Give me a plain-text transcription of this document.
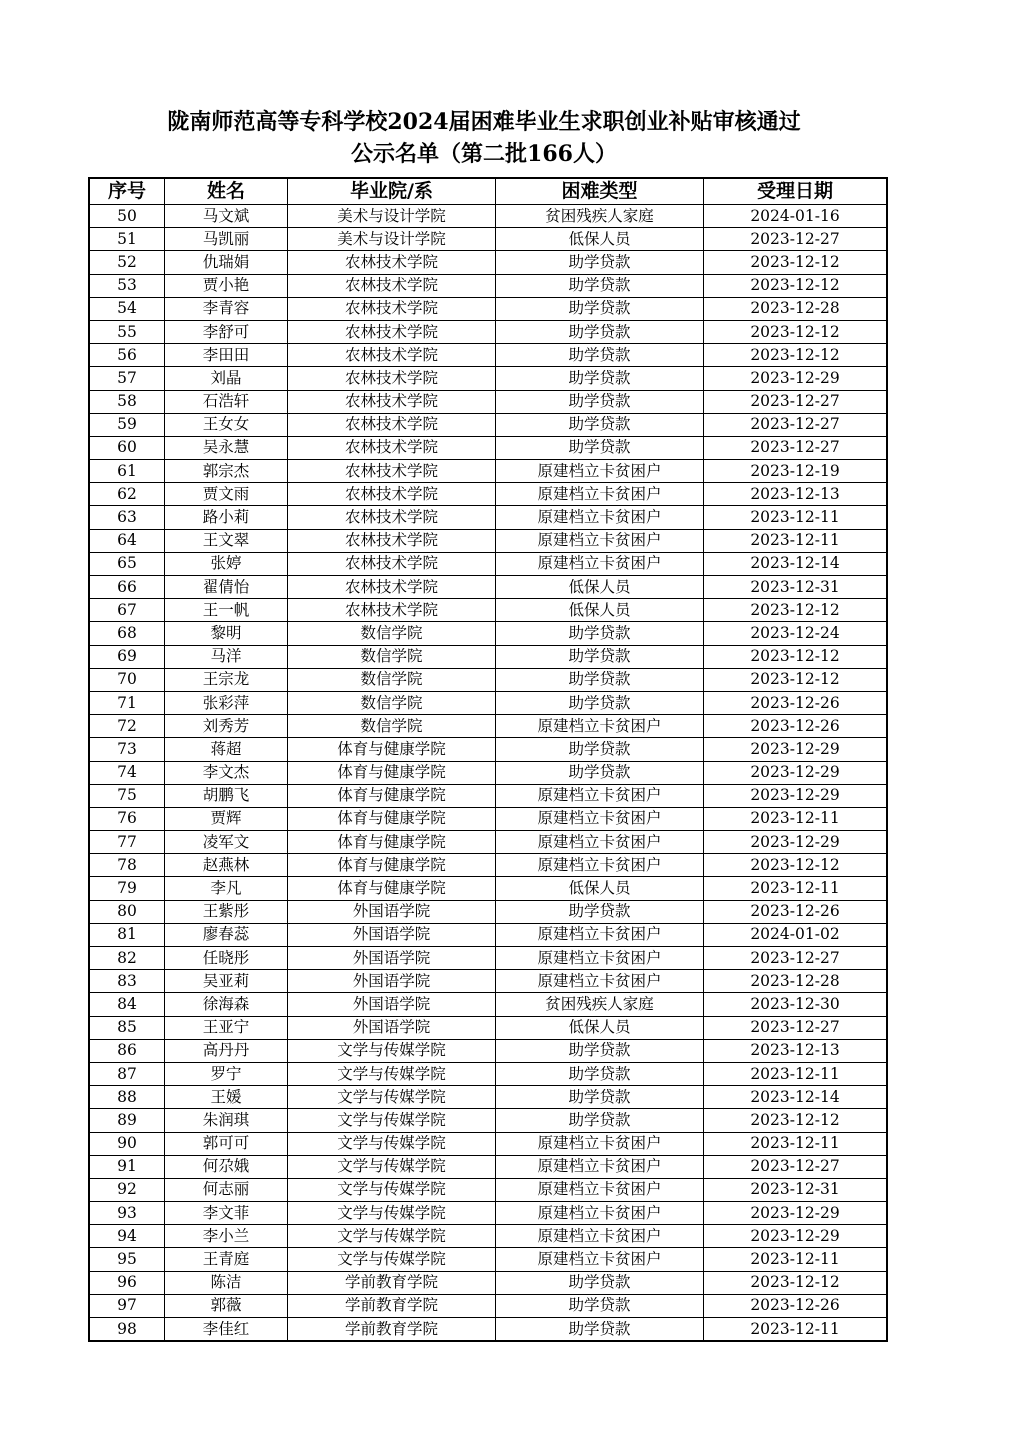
陇南师范高等专科学校2024届困难毕业生求职创业补贴审核通过
公示名单（第二批166人）
序号	姓名	毕业院/系	困难类型	受理日期
50	马文斌	美术与设计学院	贫困残疾人家庭	2024-01-16
51	马凯丽	美术与设计学院	低保人员	2023-12-27
52	仇瑞娟	农林技术学院	助学贷款	2023-12-12
53	贾小艳	农林技术学院	助学贷款	2023-12-12
54	李青容	农林技术学院	助学贷款	2023-12-28
55	李舒可	农林技术学院	助学贷款	2023-12-12
56	李田田	农林技术学院	助学贷款	2023-12-12
57	刘晶	农林技术学院	助学贷款	2023-12-29
58	石浩轩	农林技术学院	助学贷款	2023-12-27
59	王女女	农林技术学院	助学贷款	2023-12-27
60	吴永慧	农林技术学院	助学贷款	2023-12-27
61	郭宗杰	农林技术学院	原建档立卡贫困户	2023-12-19
62	贾文雨	农林技术学院	原建档立卡贫困户	2023-12-13
63	路小莉	农林技术学院	原建档立卡贫困户	2023-12-11
64	王文翠	农林技术学院	原建档立卡贫困户	2023-12-11
65	张婷	农林技术学院	原建档立卡贫困户	2023-12-14
66	翟倩怡	农林技术学院	低保人员	2023-12-31
67	王一帆	农林技术学院	低保人员	2023-12-12
68	黎明	数信学院	助学贷款	2023-12-24
69	马洋	数信学院	助学贷款	2023-12-12
70	王宗龙	数信学院	助学贷款	2023-12-12
71	张彩萍	数信学院	助学贷款	2023-12-26
72	刘秀芳	数信学院	原建档立卡贫困户	2023-12-26
73	蒋超	体育与健康学院	助学贷款	2023-12-29
74	李文杰	体育与健康学院	助学贷款	2023-12-29
75	胡鹏飞	体育与健康学院	原建档立卡贫困户	2023-12-29
76	贾辉	体育与健康学院	原建档立卡贫困户	2023-12-11
77	凌军文	体育与健康学院	原建档立卡贫困户	2023-12-29
78	赵燕林	体育与健康学院	原建档立卡贫困户	2023-12-12
79	李凡	体育与健康学院	低保人员	2023-12-11
80	王紫彤	外国语学院	助学贷款	2023-12-26
81	廖春蕊	外国语学院	原建档立卡贫困户	2024-01-02
82	任晓彤	外国语学院	原建档立卡贫困户	2023-12-27
83	吴亚莉	外国语学院	原建档立卡贫困户	2023-12-28
84	徐海森	外国语学院	贫困残疾人家庭	2023-12-30
85	王亚宁	外国语学院	低保人员	2023-12-27
86	高丹丹	文学与传媒学院	助学贷款	2023-12-13
87	罗宁	文学与传媒学院	助学贷款	2023-12-11
88	王媛	文学与传媒学院	助学贷款	2023-12-14
89	朱润琪	文学与传媒学院	助学贷款	2023-12-12
90	郭可可	文学与传媒学院	原建档立卡贫困户	2023-12-11
91	何尕娥	文学与传媒学院	原建档立卡贫困户	2023-12-27
92	何志丽	文学与传媒学院	原建档立卡贫困户	2023-12-31
93	李文菲	文学与传媒学院	原建档立卡贫困户	2023-12-29
94	李小兰	文学与传媒学院	原建档立卡贫困户	2023-12-29
95	王青庭	文学与传媒学院	原建档立卡贫困户	2023-12-11
96	陈洁	学前教育学院	助学贷款	2023-12-12
97	郭薇	学前教育学院	助学贷款	2023-12-26
98	李佳红	学前教育学院	助学贷款	2023-12-11
